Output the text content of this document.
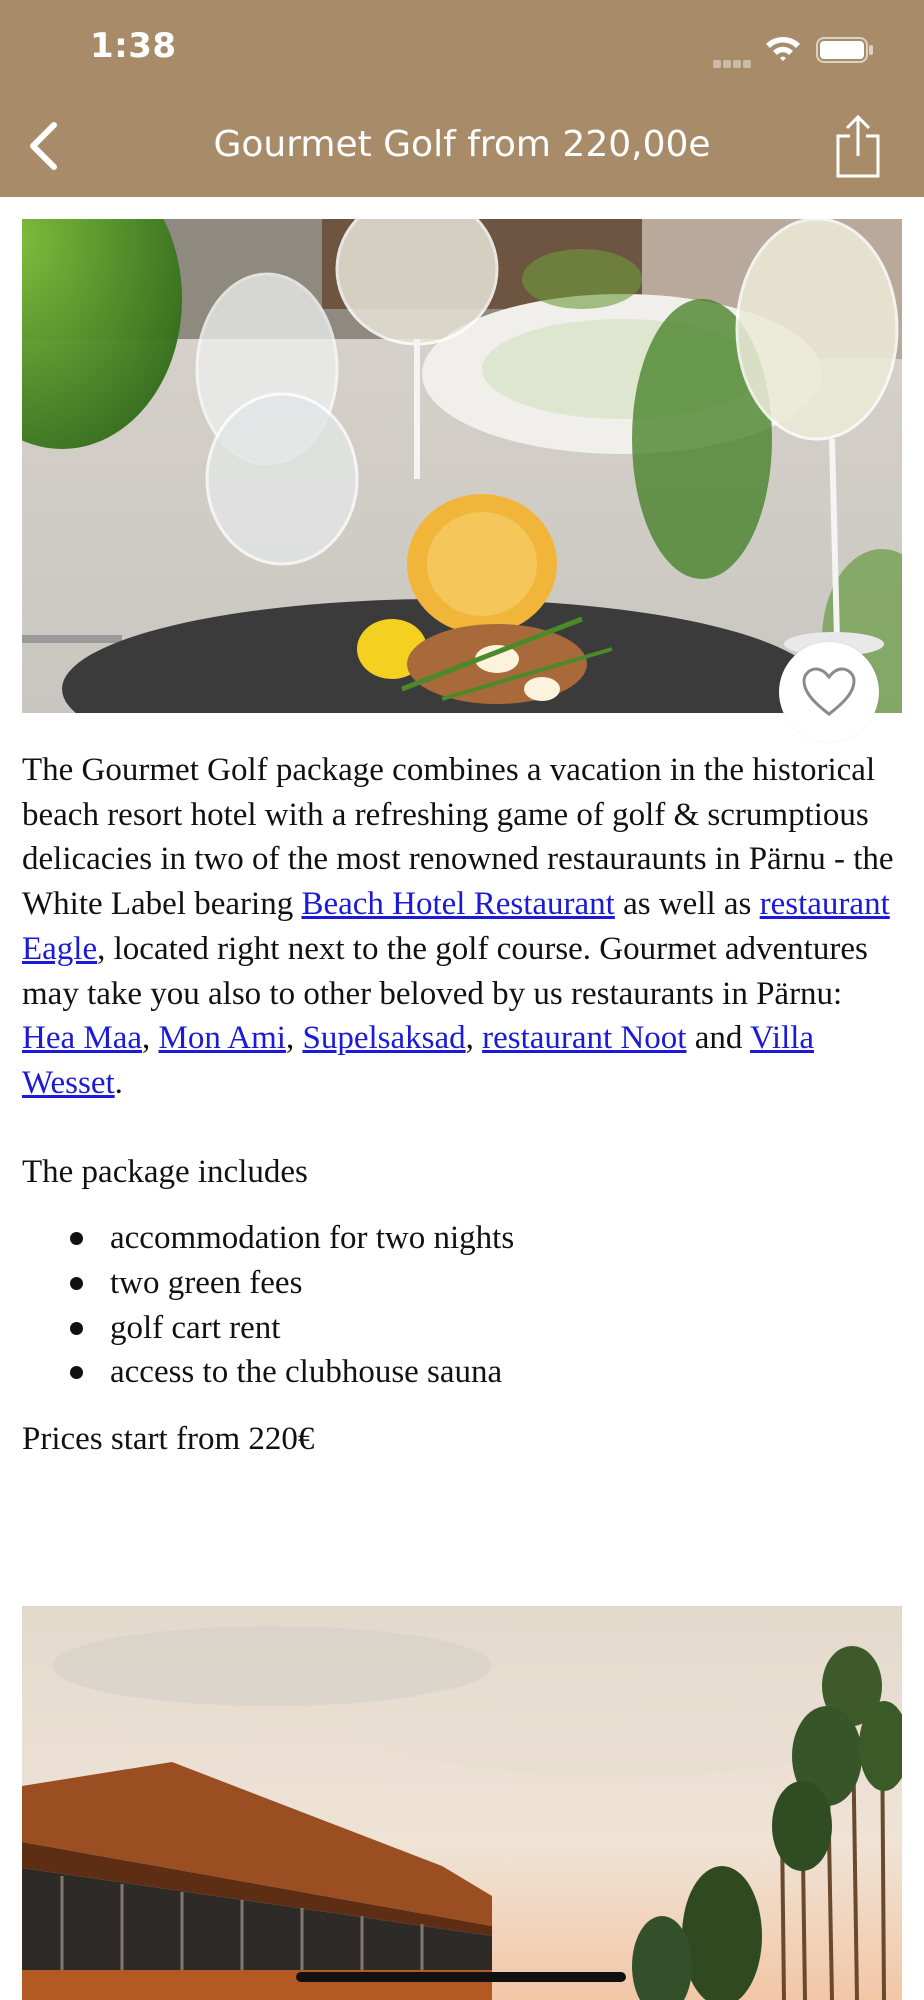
1:38
Gourmet Golf from 220,00e

The Gourmet Golf package combines a vacation in the historical beach resort hotel with a refreshing game of golf & scrumptious delicacies in two of the most renowned restauraunts in Pärnu - the White Label bearing Beach Hotel Restaurant as well as restaurant Eagle, located right next to the golf course. Gourmet adventures may take you also to other beloved by us restaurants in Pärnu: Hea Maa, Mon Ami, Supelsaksad, restaurant Noot and Villa Wesset.

The package includes

accommodation for two nights
two green fees
golf cart rent
access to the clubhouse sauna

Prices start from 220€
